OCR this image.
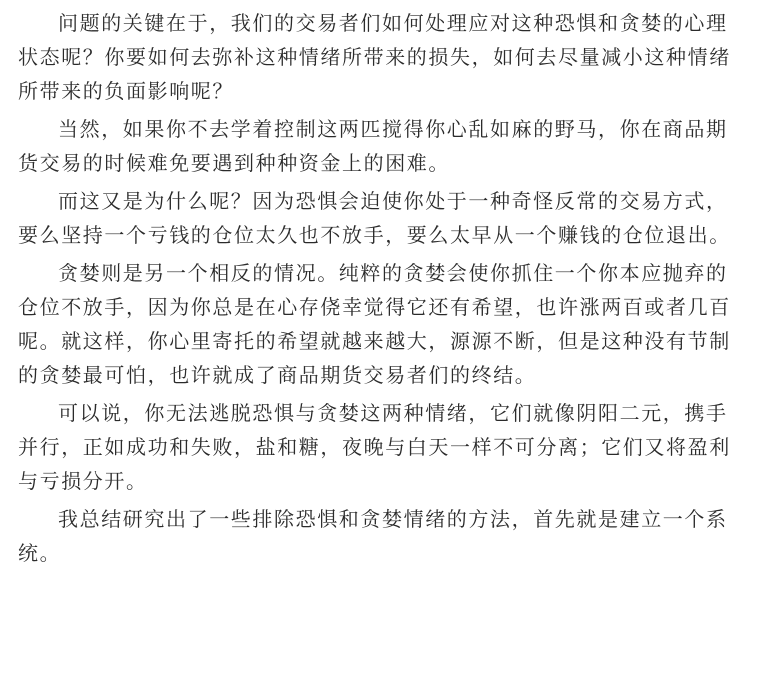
问题的关键在于，我们的交易者们如何处理应对这种恐惧和贪婪的心理状态呢？你要如何去弥补这种情绪所带来的损失，如何去尽量减小这种情绪所带来的负面影响呢？

当然，如果你不去学着控制这两匹搅得你心乱如麻的野马，你在商品期货交易的时候难免要遇到种种资金上的困难。

而这又是为什么呢？因为恐惧会迫使你处于一种奇怪反常的交易方式，要么坚持一个亏钱的仓位太久也不放手，要么太早从一个赚钱的仓位退出。

贪婪则是另一个相反的情况。纯粹的贪婪会使你抓住一个你本应抛弃的仓位不放手，因为你总是在心存侥幸觉得它还有希望，也许涨两百或者几百呢。就这样，你心里寄托的希望就越来越大，源源不断，但是这种没有节制的贪婪最可怕，也许就成了商品期货交易者们的终结。

可以说，你无法逃脱恐惧与贪婪这两种情绪，它们就像阴阳二元，携手并行，正如成功和失败，盐和糖，夜晚与白天一样不可分离；它们又将盈利与亏损分开。

我总结研究出了一些排除恐惧和贪婪情绪的方法，首先就是建立一个系统。
